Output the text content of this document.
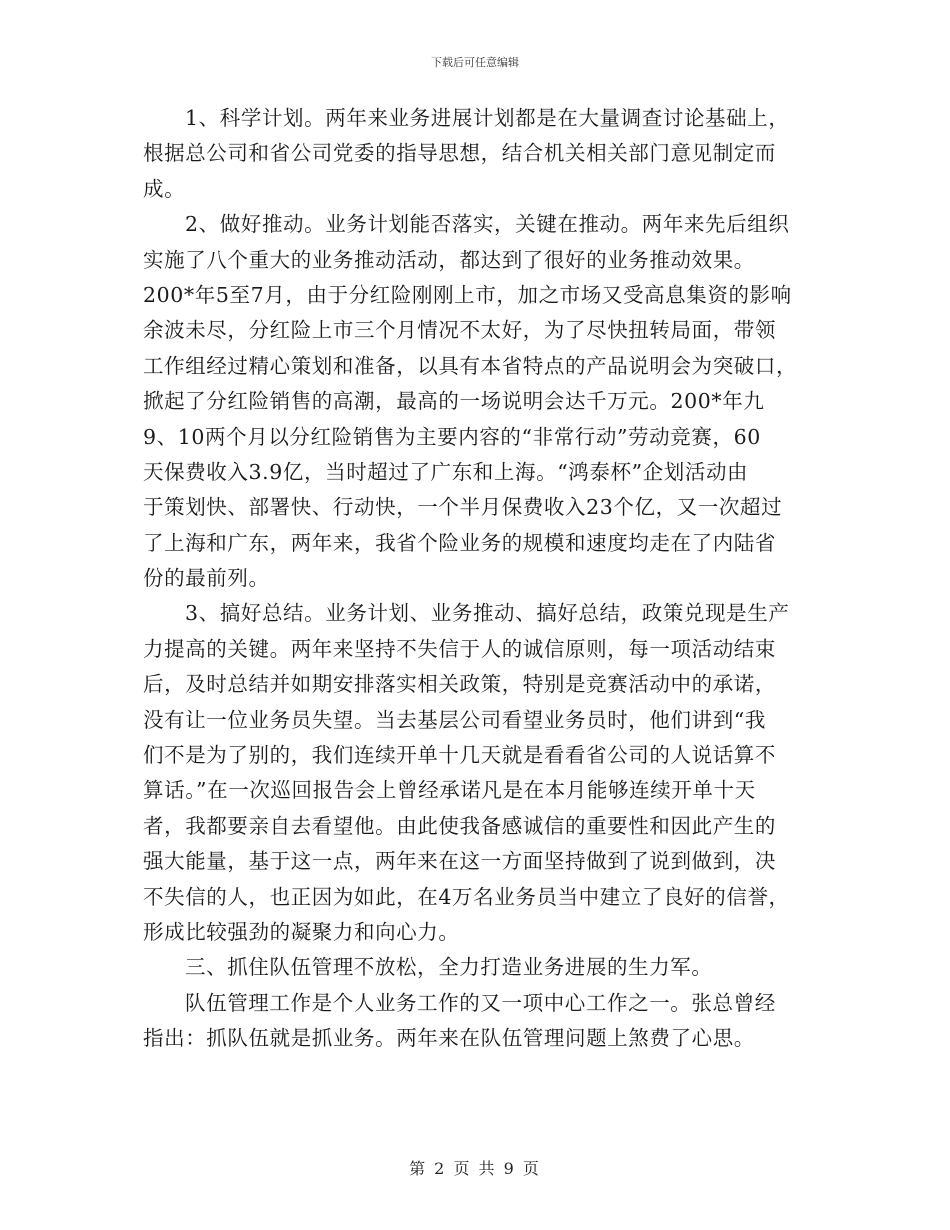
下载后可任意编辑
1、科学计划。两年来业务进展计划都是在大量调查讨论基础上，
根据总公司和省公司党委的指导思想，结合机关相关部门意见制定而
成。
2、做好推动。业务计划能否落实，关键在推动。两年来先后组织
实施了八个重大的业务推动活动，都达到了很好的业务推动效果。
200*年5至7月，由于分红险刚刚上市，加之市场又受高息集资的影响
余波未尽，分红险上市三个月情况不太好，为了尽快扭转局面，带领
工作组经过精心策划和准备，以具有本省特点的产品说明会为突破口，
掀起了分红险销售的高潮，最高的一场说明会达千万元。200*年九
9、10两个月以分红险销售为主要内容的“非常行动”劳动竞赛，60
天保费收入3.9亿，当时超过了广东和上海。“鸿泰杯”企划活动由
于策划快、部署快、行动快，一个半月保费收入23个亿，又一次超过
了上海和广东，两年来，我省个险业务的规模和速度均走在了内陆省
份的最前列。
3、搞好总结。业务计划、业务推动、搞好总结，政策兑现是生产
力提高的关键。两年来坚持不失信于人的诚信原则，每一项活动结束
后，及时总结并如期安排落实相关政策，特别是竞赛活动中的承诺，
没有让一位业务员失望。当去基层公司看望业务员时，他们讲到“我
们不是为了别的，我们连续开单十几天就是看看省公司的人说话算不
算话。”在一次巡回报告会上曾经承诺凡是在本月能够连续开单十天
者，我都要亲自去看望他。由此使我备感诚信的重要性和因此产生的
强大能量，基于这一点，两年来在这一方面坚持做到了说到做到，决
不失信的人，也正因为如此，在4万名业务员当中建立了良好的信誉，
形成比较强劲的凝聚力和向心力。
三、抓住队伍管理不放松，全力打造业务进展的生力军。
队伍管理工作是个人业务工作的又一项中心工作之一。张总曾经
指出：抓队伍就是抓业务。两年来在队伍管理问题上煞费了心思。
第 2 页 共 9 页
